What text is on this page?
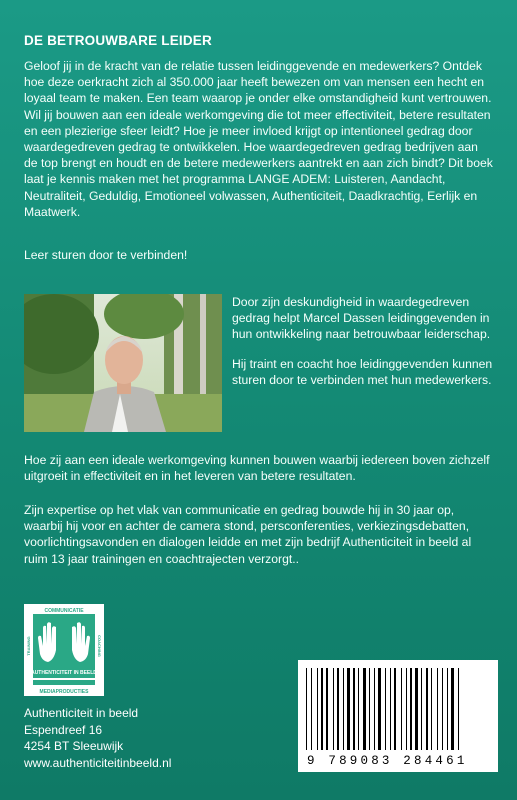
DE BETROUWBARE LEIDER
Geloof jij in de kracht van de relatie tussen leidinggevende en medewerkers? Ontdek hoe deze oerkracht zich al 350.000 jaar heeft bewezen om van mensen een hecht en loyaal team te maken. Een team waarop je onder elke omstandigheid kunt vertrouwen. Wil jij bouwen aan een ideale werkomgeving die tot meer effectiviteit, betere resultaten en een plezierige sfeer leidt? Hoe je meer invloed krijgt op intentioneel gedrag door waardegedreven gedrag te ontwikkelen. Hoe waardegedreven gedrag bedrijven aan de top brengt en houdt en de betere medewerkers aantrekt en aan zich bindt? Dit boek laat je kennis maken met het programma LANGE ADEM: Luisteren, Aandacht, Neutraliteit, Geduldig, Emotioneel volwassen, Authenticiteit, Daadkrachtig, Eerlijk en Maatwerk.
Leer sturen door te verbinden!

Door zijn deskundigheid in waardegedreven gedrag helpt Marcel Dassen leidinggevenden in hun ontwikkeling naar betrouwbaar leiderschap.

Hij traint en coacht hoe leidinggevenden kunnen sturen door te verbinden met hun medewerkers.

Hoe zij aan een ideale werkomgeving kunnen bouwen waarbij iedereen boven zichzelf uitgroeit in effectiviteit en in het leveren van betere resultaten.
Zijn expertise op het vlak van communicatie en gedrag bouwde hij in 30 jaar op, waarbij hij voor en achter de camera stond, persconferenties, verkiezingsdebatten, voorlichtingsavonden en dialogen leidde en met zijn bedrijf Authenticiteit in beeld al ruim 13 jaar trainingen en coachtrajecten verzorgt..
COMMUNICATIE
TRAINING	COACHING
AUTHENTICITEIT IN BEELD
MEDIAPRODUCTIES
Authenticiteit in beeld
Espendreef 16
4254 BT Sleeuwijk
www.authenticiteitinbeeld.nl	9 789083 284461
